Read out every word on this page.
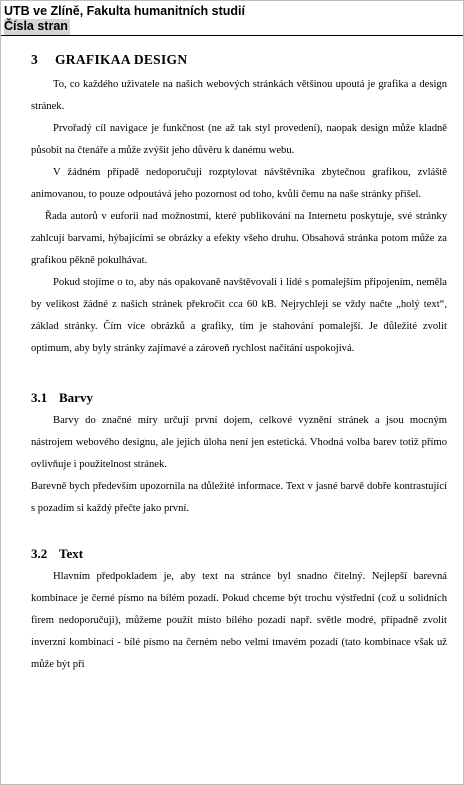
UTB ve Zlíně, Fakulta humanitních studií
Čísla stran
3 GRAFIKAA DESIGN

To, co každého uživatele na našich webových stránkách většinou upoutá je grafika a design stránek.

Prvořadý cíl navigace je funkčnost (ne až tak styl provedení), naopak design může kladně působit na čtenáře a může zvýšit jeho důvěru k danému webu.

V žádném případě nedoporučuji rozptylovat návštěvníka zbytečnou grafikou, zvláště animovanou, to pouze odpoutává jeho pozornost od toho, kvůli čemu na naše stránky přišel.

Řada autorů v euforii nad možnostmi, které publikování na Internetu poskytuje, své stránky zahlcují barvami, hýbajícími se obrázky a efekty všeho druhu. Obsahová stránka potom může za grafikou pěkně pokulhávat.

Pokud stojíme o to, aby nás opakovaně navštěvovali i lidé s pomalejším připojením, neměla by velikost žádné z našich stránek překročit cca 60 kB. Nejrychleji se vždy načte „holý text“, základ stránky. Čím více obrázků a grafiky, tím je stahování pomalejší. Je důležité zvolit optimum, aby byly stránky zajímavé a zároveň rychlost načítání uspokojivá.

3.1 Barvy

Barvy do značné míry určují první dojem, celkové vyznění stránek a jsou mocným nástrojem webového designu, ale jejich úloha není jen estetická. Vhodná volba barev totiž přímo ovlivňuje i použitelnost stránek.

Barevně bych především upozornila na důležité informace. Text v jasné barvě dobře kontrastující s pozadím si každý přečte jako první.

3.2 Text

Hlavním předpokladem je, aby text na stránce byl snadno čitelný. Nejlepší barevná kombinace je černé písmo na bílém pozadí. Pokud chceme být trochu výstřední (což u solidních firem nedoporučuji), můžeme použít místo bílého pozadí např. světle modré, případně zvolit inverzní kombinaci - bílé písmo na černém nebo velmi tmavém pozadí (tato kombinace však už může být při
